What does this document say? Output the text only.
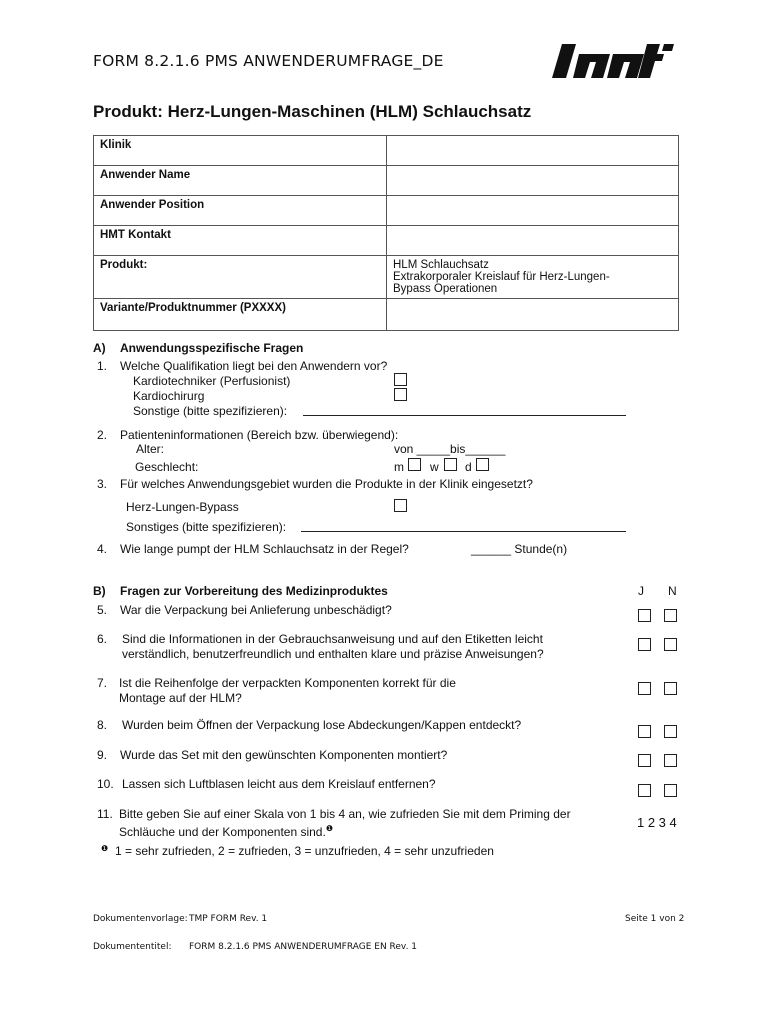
FORM 8.2.1.6 PMS ANWENDERUMFRAGE_DE
Produkt: Herz-Lungen-Maschinen (HLM) Schlauchsatz
Klinik	
Anwender Name	
Anwender Position	
HMT Kontakt	
Produkt:	HLM Schlauchsatz
Extrakorporaler Kreislauf für Herz-Lungen-
Bypass Operationen

Variante/Produktnummer (PXXXX)	
A) Anwendungsspezifische Fragen
1. Welche Qualifikation liegt bei den Anwendern vor?
Kardiotechniker (Perfusionist)
Kardiochirurg
Sonstige (bitte spezifizieren):
2. Patienteninformationen (Bereich bzw. überwiegend):
Alter:	von _____bis______
Geschlecht:	m w d
3. Für welches Anwendungsgebiet wurden die Produkte in der Klinik eingesetzt?
Herz-Lungen-Bypass
Sonstiges (bitte spezifizieren):
4. Wie lange pumpt der HLM Schlauchsatz in der Regel?	______ Stunde(n)
B) Fragen zur Vorbereitung des Medizinproduktes	J N
5. War die Verpackung bei Anlieferung unbeschädigt?
6. Sind die Informationen in der Gebrauchsanweisung und auf den Etiketten leicht
verständlich, benutzerfreundlich und enthalten klare und präzise Anweisungen?
7. Ist die Reihenfolge der verpackten Komponenten korrekt für die
Montage auf der HLM?
8. Wurden beim Öffnen der Verpackung lose Abdeckungen/Kappen entdeckt?
9. Wurde das Set mit den gewünschten Komponenten montiert?
10. Lassen sich Luftblasen leicht aus dem Kreislauf entfernen?
11. Bitte geben Sie auf einer Skala von 1 bis 4 an, wie zufrieden Sie mit dem Priming der
Schläuche und der Komponenten sind.$^❶$	1 2 3 4
❶ 1 = sehr zufrieden, 2 = zufrieden, 3 = unzufrieden, 4 = sehr unzufrieden
Dokumentenvorlage: TMP FORM Rev. 1	Seite 1 von 2
Dokumententitel: FORM 8.2.1.6 PMS ANWENDERUMFRAGE EN Rev. 1
